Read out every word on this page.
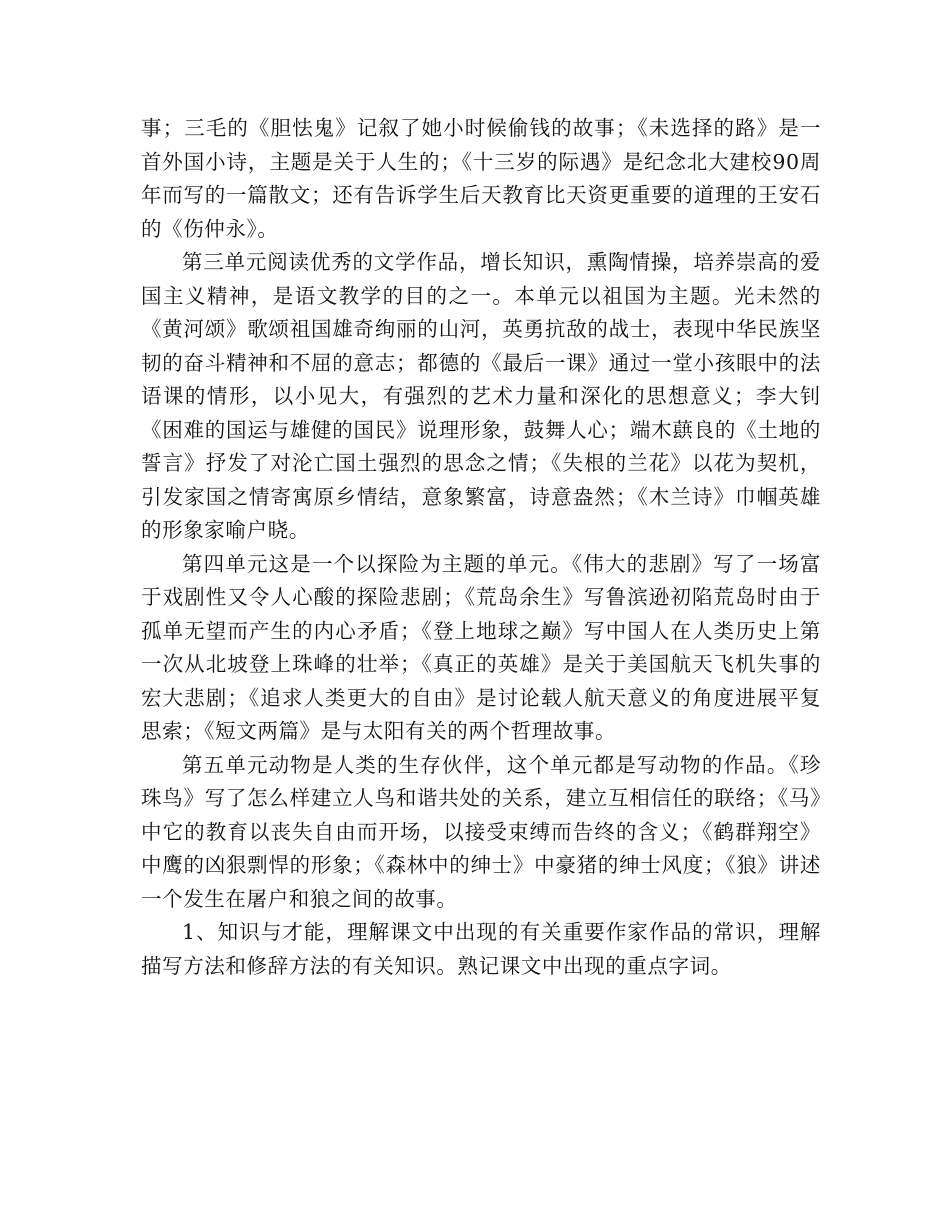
事；三毛的《胆怯鬼》记叙了她小时候偷钱的故事；《未选择的路》是一首外国小诗，主题是关于人生的；《十三岁的际遇》是纪念北大建校90周年而写的一篇散文；还有告诉学生后天教育比天资更重要的道理的王安石的《伤仲永》。

第三单元阅读优秀的文学作品，增长知识，熏陶情操，培养崇高的爱国主义精神，是语文教学的目的之一。本单元以祖国为主题。光未然的《黄河颂》歌颂祖国雄奇绚丽的山河，英勇抗敌的战士，表现中华民族坚韧的奋斗精神和不屈的意志；都德的《最后一课》通过一堂小孩眼中的法语课的情形，以小见大，有强烈的艺术力量和深化的思想意义；李大钊《困难的国运与雄健的国民》说理形象，鼓舞人心；端木蕻良的《土地的誓言》抒发了对沦亡国土强烈的思念之情；《失根的兰花》以花为契机，引发家国之情寄寓原乡情结，意象繁富，诗意盎然；《木兰诗》巾帼英雄的形象家喻户晓。

第四单元这是一个以探险为主题的单元。《伟大的悲剧》写了一场富于戏剧性又令人心酸的探险悲剧；《荒岛余生》写鲁滨逊初陷荒岛时由于孤单无望而产生的内心矛盾；《登上地球之巅》写中国人在人类历史上第一次从北坡登上珠峰的壮举；《真正的英雄》是关于美国航天飞机失事的宏大悲剧；《追求人类更大的自由》是讨论载人航天意义的角度进展平复思索；《短文两篇》是与太阳有关的两个哲理故事。

第五单元动物是人类的生存伙伴，这个单元都是写动物的作品。《珍珠鸟》写了怎么样建立人鸟和谐共处的关系，建立互相信任的联络；《马》中它的教育以丧失自由而开场，以接受束缚而告终的含义；《鹤群翔空》中鹰的凶狠剽悍的形象；《森林中的绅士》中豪猪的绅士风度；《狼》讲述一个发生在屠户和狼之间的故事。

1、知识与才能，理解课文中出现的有关重要作家作品的常识，理解描写方法和修辞方法的有关知识。熟记课文中出现的重点字词。
